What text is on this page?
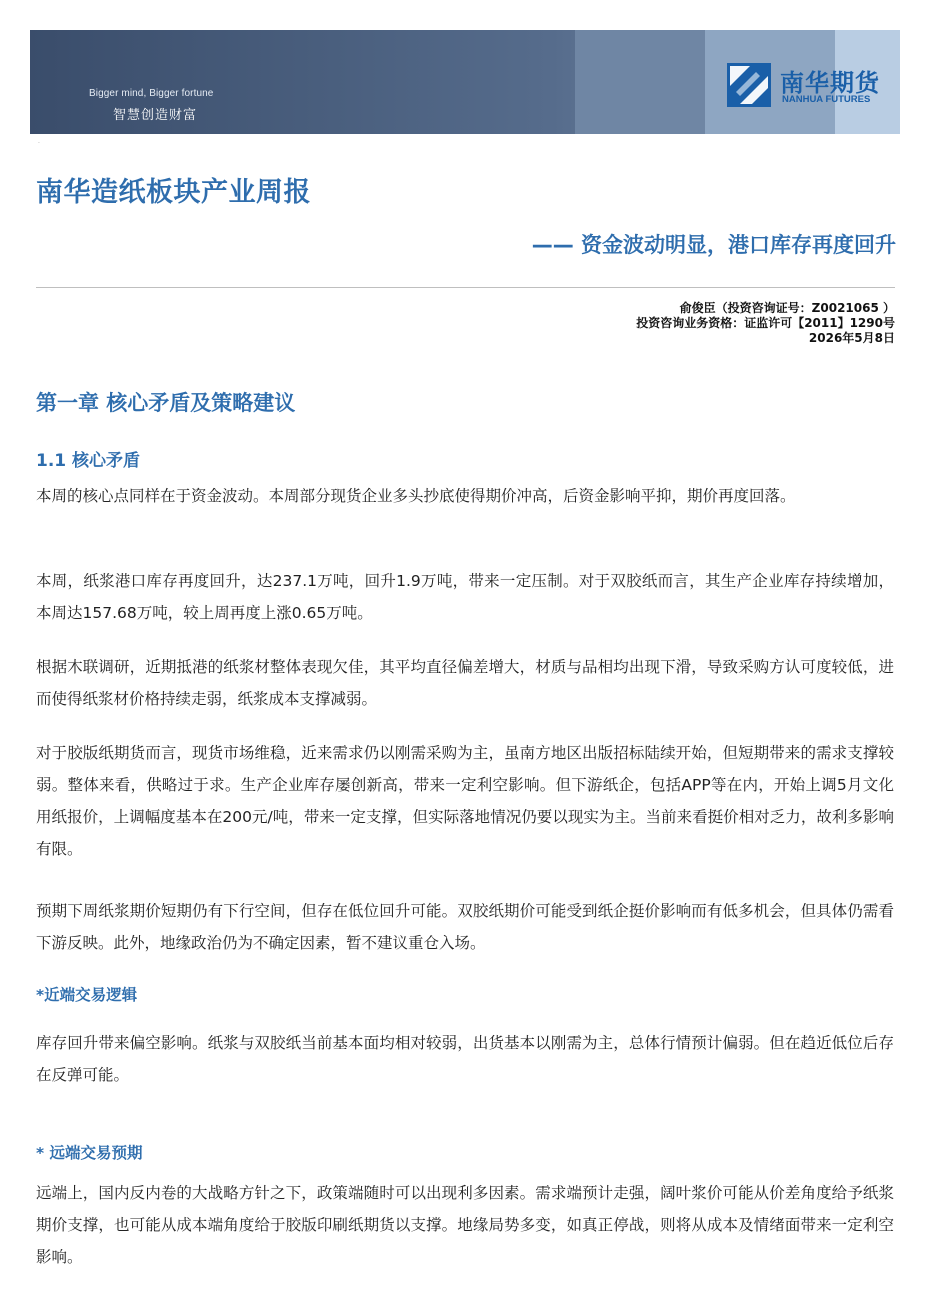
Bigger mind, Bigger fortune
智慧创造财富
南华期货
NANHUA FUTURES
·
南华造纸板块产业周报
—— 资金波动明显，港口库存再度回升
俞俊臣（投资咨询证号：Z0021065 ）
投资咨询业务资格：证监许可【2011】1290号
2026年5月8日
第一章 核心矛盾及策略建议
1.1 核心矛盾

本周的核心点同样在于资金波动。本周部分现货企业多头抄底使得期价冲高，后资金影响平抑，期价再度回落。

本周，纸浆港口库存再度回升，达237.1万吨，回升1.9万吨，带来一定压制。对于双胶纸而言，其生产企业库存持续增加，本周达157.68万吨，较上周再度上涨0.65万吨。

根据木联调研，近期抵港的纸浆材整体表现欠佳，其平均直径偏差增大，材质与品相均出现下滑，导致采购方认可度较低，进而使得纸浆材价格持续走弱，纸浆成本支撑减弱。

对于胶版纸期货而言，现货市场维稳，近来需求仍以刚需采购为主，虽南方地区出版招标陆续开始，但短期带来的需求支撑较弱。整体来看，供略过于求。生产企业库存屡创新高，带来一定利空影响。但下游纸企，包括APP等在内，开始上调5月文化用纸报价，上调幅度基本在200元/吨，带来一定支撑，但实际落地情况仍要以现实为主。当前来看挺价相对乏力，故利多影响有限。

预期下周纸浆期价短期仍有下行空间，但存在低位回升可能。双胶纸期价可能受到纸企挺价影响而有低多机会，但具体仍需看下游反映。此外，地缘政治仍为不确定因素，暂不建议重仓入场。

*近端交易逻辑

库存回升带来偏空影响。纸浆与双胶纸当前基本面均相对较弱，出货基本以刚需为主，总体行情预计偏弱。但在趋近低位后存在反弹可能。

* 远端交易预期

远端上，国内反内卷的大战略方针之下，政策端随时可以出现利多因素。需求端预计走强，阔叶浆价可能从价差角度给予纸浆期价支撑，也可能从成本端角度给于胶版印刷纸期货以支撑。地缘局势多变，如真正停战，则将从成本及情绪面带来一定利空影响。
